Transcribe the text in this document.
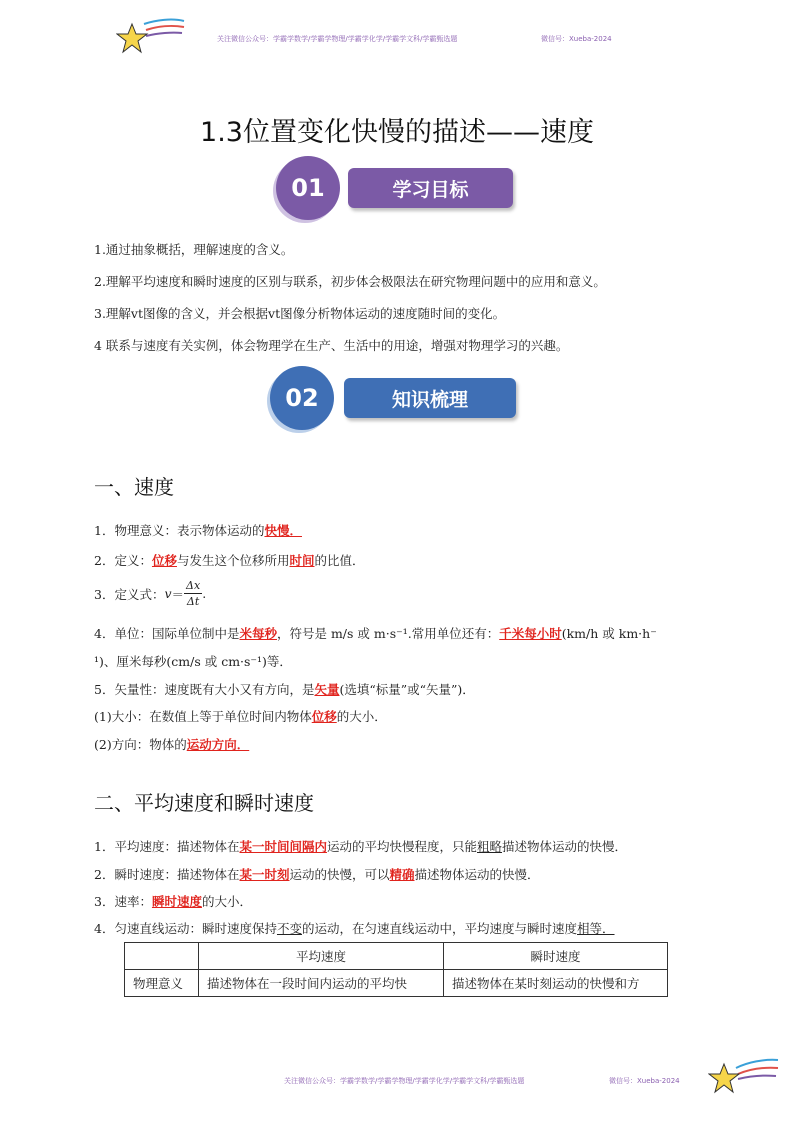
关注微信公众号：学霸学数学/学霸学物理/学霸学化学/学霸学文科/学霸甄选题	微信号：Xueba-2024
1.3位置变化快慢的描述——速度
学习目标
01
1.通过抽象概括，理解速度的含义。
2.理解平均速度和瞬时速度的区别与联系，初步体会极限法在研究物理问题中的应用和意义。
3.理解vt图像的含义，并会根据vt图像分析物体运动的速度随时间的变化。
4 联系与速度有关实例，体会物理学在生产、生活中的用途，增强对物理学习的兴趣。
知识梳理
02
一、速度
1．物理意义：表示物体运动的快慢．
2．定义：位移与发生这个位移所用时间的比值．
3．定义式： v ＝
Δx
Δt
.
4．单位：国际单位制中是米每秒，符号是 m/s 或 m·s⁻¹.常用单位还有：千米每小时(km/h 或 km·h⁻
¹)、厘米每秒(cm/s 或 cm·s⁻¹)等．
5．矢量性：速度既有大小又有方向，是矢量(选填“标量”或“矢量”)．
(1)大小：在数值上等于单位时间内物体位移的大小．
(2)方向：物体的运动方向．
二、平均速度和瞬时速度
1．平均速度：描述物体在某一时间间隔内运动的平均快慢程度，只能粗略描述物体运动的快慢．
2．瞬时速度：描述物体在某一时刻运动的快慢，可以精确描述物体运动的快慢．
3．速率：瞬时速度的大小．
4．匀速直线运动：瞬时速度保持不变的运动，在匀速直线运动中，平均速度与瞬时速度相等．
	平均速度	瞬时速度
物理意义	描述物体在一段时间内运动的平均快	描述物体在某时刻运动的快慢和方
关注微信公众号：学霸学数学/学霸学物理/学霸学化学/学霸学文科/学霸甄选题	微信号：Xueba-2024
